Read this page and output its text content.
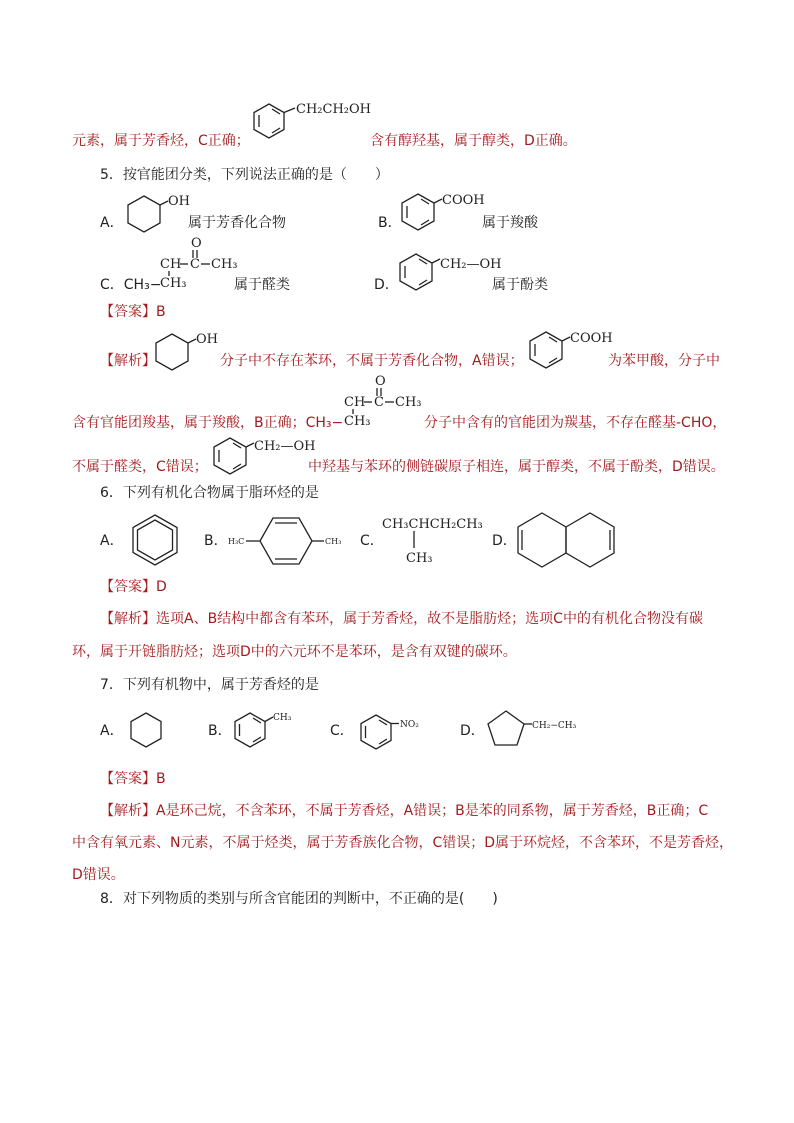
CH₂CH₂OH
元素，属于芳香烃，C正确；	含有醇羟基，属于醇类，D正确。
5．按官能团分类，下列说法正确的是（　　）
A．
OH
属于芳香化合物	B．
COOH
属于羧酸
C．CH₃−
O
CH C CH₃
CH₃	属于醛类	D．
CH₂—OH
属于酚类
【答案】B
【解析】
OH
分子中不存在苯环，不属于芳香化合物，A错误；
COOH
为苯甲酸，分子中
含有官能团羧基，属于羧酸，B正确；CH₃−
O
CH C CH₃
CH₃	分子中含有的官能团为羰基，不存在醛基-CHO，
不属于醛类，C错误；
CH₂—OH
中羟基与苯环的侧链碳原子相连，属于醇类，不属于酚类，D错误。
6．下列有机化合物属于脂环烃的是
A．	B． H₃C	CH₃ C．
CH₃CHCH₂CH₃
CH₃
D．
【答案】D
【解析】选项A、B结构中都含有苯环，属于芳香烃，故不是脂肪烃；选项C中的有机化合物没有碳
环，属于开链脂肪烃；选项D中的六元环不是苯环，是含有双键的碳环。
7．下列有机物中，属于芳香烃的是
A．	B．
CH₃
C．	NO₂	D．	CH₂−CH₃
【答案】B
【解析】A是环己烷，不含苯环，不属于芳香烃，A错误；B是苯的同系物，属于芳香烃，B正确；C
中含有氧元素、N元素，不属于烃类，属于芳香族化合物，C错误；D属于环烷烃，不含苯环，不是芳香烃，
D错误。
8．对下列物质的类别与所含官能团的判断中，不正确的是(　　)
